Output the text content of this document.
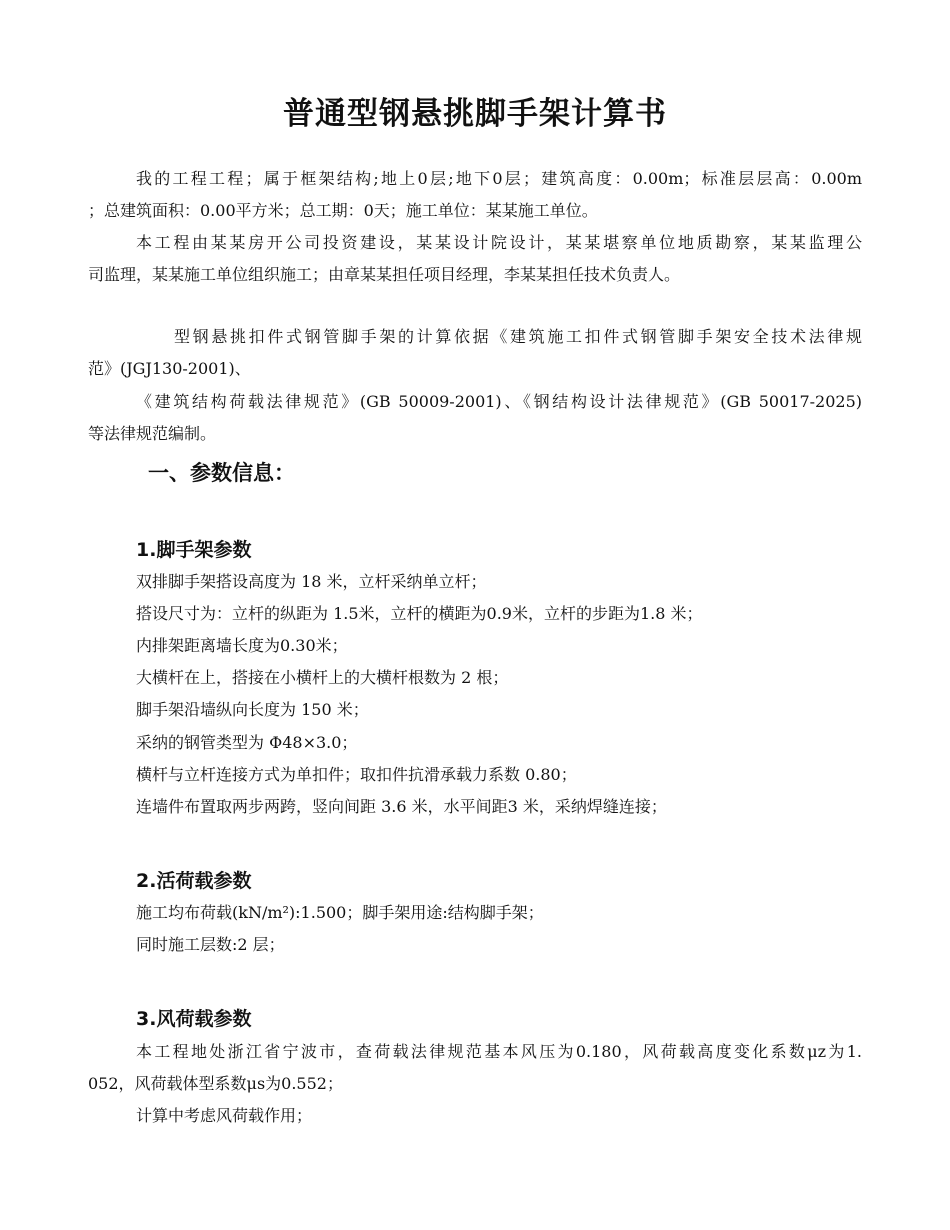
普通型钢悬挑脚手架计算书
我的工程工程；属于框架结构;地上0层;地下0层；建筑高度：0.00m；标准层层高：0.00m
；总建筑面积：0.00平方米；总工期：0天；施工单位：某某施工单位。
本工程由某某房开公司投资建设，某某设计院设计，某某堪察单位地质勘察，某某监理公
司监理，某某施工单位组织施工；由章某某担任项目经理，李某某担任技术负责人。
型钢悬挑扣件式钢管脚手架的计算依据《建筑施工扣件式钢管脚手架安全技术法律规
范》(JGJ130-2001)、
《建筑结构荷载法律规范》(GB 50009-2001)、《钢结构设计法律规范》(GB 50017-2025)
等法律规范编制。
一、参数信息：
1.脚手架参数
双排脚手架搭设高度为 18 米，立杆采纳单立杆；
搭设尺寸为：立杆的纵距为 1.5米，立杆的横距为0.9米，立杆的步距为1.8 米；
内排架距离墙长度为0.30米；
大横杆在上，搭接在小横杆上的大横杆根数为 2 根；
脚手架沿墙纵向长度为 150 米；
采纳的钢管类型为 Φ48×3.0；
横杆与立杆连接方式为单扣件；取扣件抗滑承载力系数 0.80；
连墙件布置取两步两跨，竖向间距 3.6 米，水平间距3 米，采纳焊缝连接；
2.活荷载参数
施工均布荷载(kN/m²):1.500；脚手架用途:结构脚手架；
同时施工层数:2 层；
3.风荷载参数
本工程地处浙江省宁波市，查荷载法律规范基本风压为0.180，风荷载高度变化系数μz为1.
052，风荷载体型系数μs为0.552；
计算中考虑风荷载作用；
